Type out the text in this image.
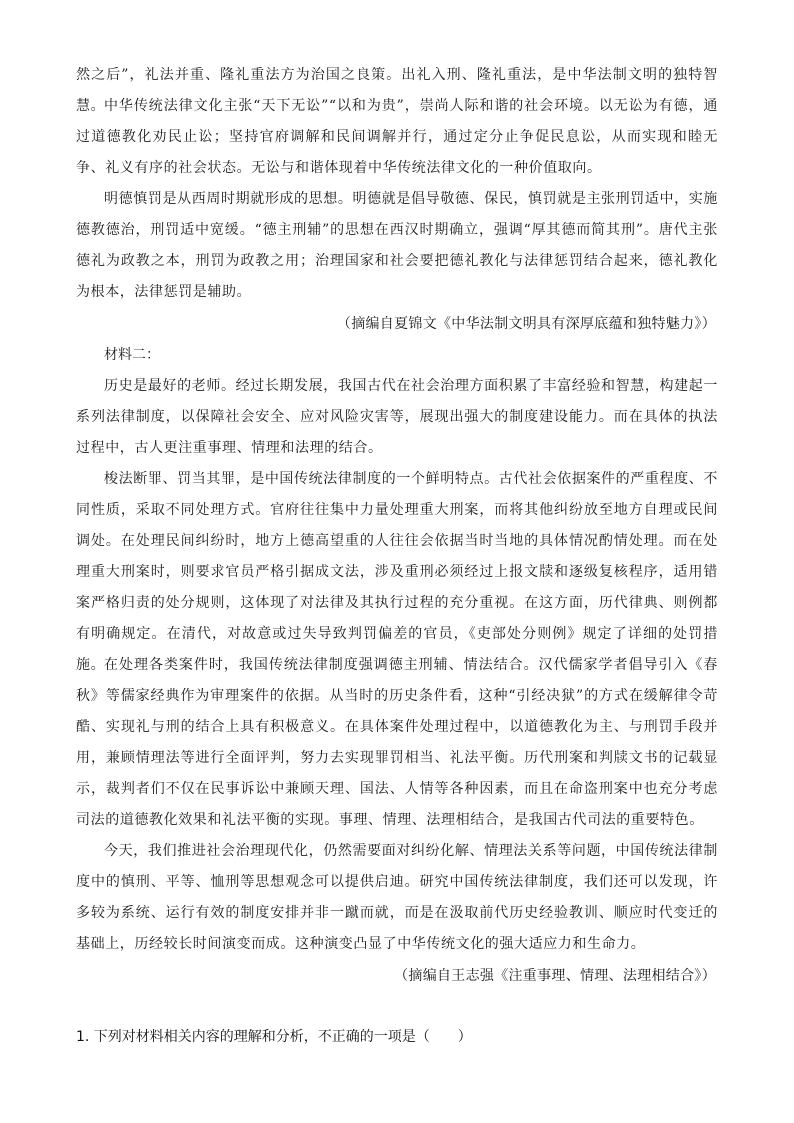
然之后”，礼法并重、隆礼重法方为治国之良策。出礼入刑、隆礼重法，是中华法制文明的独特智慧。

中华传统法律文化主张“天下无讼”“以和为贵”，崇尚人际和谐的社会环境。以无讼为有德，通过道德教化劝民止讼；坚持官府调解和民间调解并行，通过定分止争促民息讼，从而实现和睦无争、礼义有序的社会状态。无讼与和谐体现着中华传统法律文化的一种价值取向。

明德慎罚是从西周时期就形成的思想。明德就是倡导敬德、保民，慎罚就是主张刑罚适中，实施德教德治，刑罚适中宽缓。“德主刑辅”的思想在西汉时期确立，强调“厚其德而简其刑”。唐代主张德礼为政教之本，刑罚为政教之用；治理国家和社会要把德礼教化与法律惩罚结合起来，德礼教化为根本，法律惩罚是辅助。

（摘编自夏锦文《中华法制文明具有深厚底蕴和独特魅力》）
材料二：

历史是最好的老师。经过长期发展，我国古代在社会治理方面积累了丰富经验和智慧，构建起一系列法律制度，以保障社会安全、应对风险灾害等，展现出强大的制度建设能力。而在具体的执法过程中，古人更注重事理、情理和法理的结合。

梭法断罪、罚当其罪，是中国传统法律制度的一个鲜明特点。古代社会依据案件的严重程度、不同性质，采取不同处理方式。官府往往集中力量处理重大刑案，而将其他纠纷放至地方自理或民间调处。在处理民间纠纷时，地方上德高望重的人往往会依据当时当地的具体情况酌情处理。而在处理重大刑案时，则要求官员严格引据成文法，涉及重刑必须经过上报文牍和逐级复核程序，适用错案严格归责的处分规则，这体现了对法律及其执行过程的充分重视。在这方面，历代律典、则例都有明确规定。在清代，对故意或过失导致判罚偏差的官员，《吏部处分则例》规定了详细的处罚措施。

在处理各类案件时，我国传统法律制度强调德主刑辅、情法结合。汉代儒家学者倡导引入《春秋》等儒家经典作为审理案件的依据。从当时的历史条件看，这种“引经决狱”的方式在缓解律令苛酷、实现礼与刑的结合上具有积极意义。在具体案件处理过程中，以道德教化为主、与刑罚手段并用，兼顾情理法等进行全面评判，努力去实现罪罚相当、礼法平衡。历代刑案和判牍文书的记载显示，裁判者们不仅在民事诉讼中兼顾天理、国法、人情等各种因素，而且在命盗刑案中也充分考虑司法的道德教化效果和礼法平衡的实现。事理、情理、法理相结合，是我国古代司法的重要特色。

今天，我们推进社会治理现代化，仍然需要面对纠纷化解、情理法关系等问题，中国传统法律制度中的慎刑、平等、恤刑等思想观念可以提供启迪。研究中国传统法律制度，我们还可以发现，许多较为系统、运行有效的制度安排并非一蹴而就，而是在汲取前代历史经验教训、顺应时代变迁的基础上，历经较长时间演变而成。这种演变凸显了中华传统文化的强大适应力和生命力。

（摘编自王志强《注重事理、情理、法理相结合》）
1. 下列对材料相关内容的理解和分析，不正确的一项是（　　）
